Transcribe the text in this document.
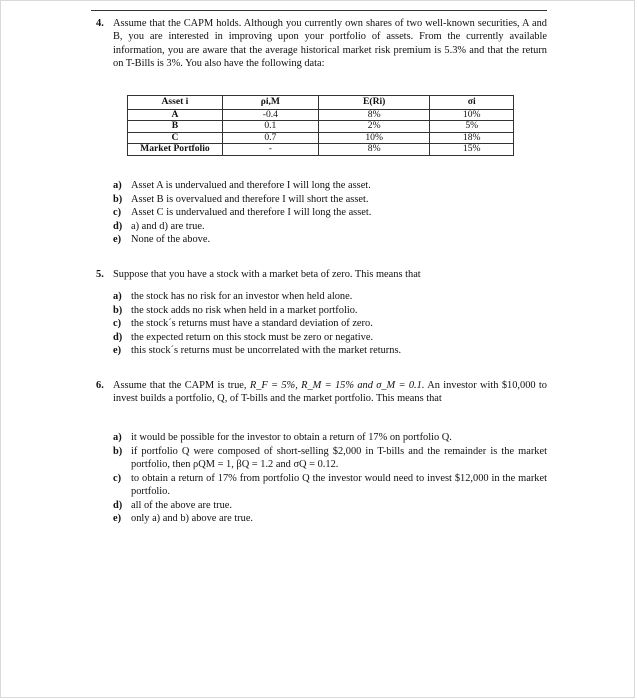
4. Assume that the CAPM holds. Although you currently own shares of two well-known securities, A and B, you are interested in improving upon your portfolio of assets. From the currently available information, you are aware that the average historical market risk premium is 5.3% and that the return on T-Bills is 3%. You also have the following data:
Asset i	ρi,M	E(Ri)	σi
A	-0.4	8%	10%
B	0.1	2%	5%
C	0.7	10%	18%
Market Portfolio	-	8%	15%

a) Asset A is undervalued and therefore I will long the asset.

b) Asset B is overvalued and therefore I will short the asset.

c) Asset C is undervalued and therefore I will long the asset.

d) a) and d) are true.

e) None of the above.

5. Suppose that you have a stock with a market beta of zero. This means that

a) the stock has no risk for an investor when held alone.

b) the stock adds no risk when held in a market portfolio.

c) the stock´s returns must have a standard deviation of zero.

d) the expected return on this stock must be zero or negative.

e) this stock´s returns must be uncorrelated with the market returns.

6. Assume that the CAPM is true, R_F = 5%, R_M = 15% and σ_M = 0.1. An investor with $10,000 to invest builds a portfolio, Q, of T-bills and the market portfolio. This means that

a) it would be possible for the investor to obtain a return of 17% on portfolio Q.

b) if portfolio Q were composed of short-selling $2,000 in T-bills and the remainder is the market portfolio, then ρQM = 1, βQ = 1.2 and σQ = 0.12.

c) to obtain a return of 17% from portfolio Q the investor would need to invest $12,000 in the market portfolio.

d) all of the above are true.

e) only a) and b) above are true.
